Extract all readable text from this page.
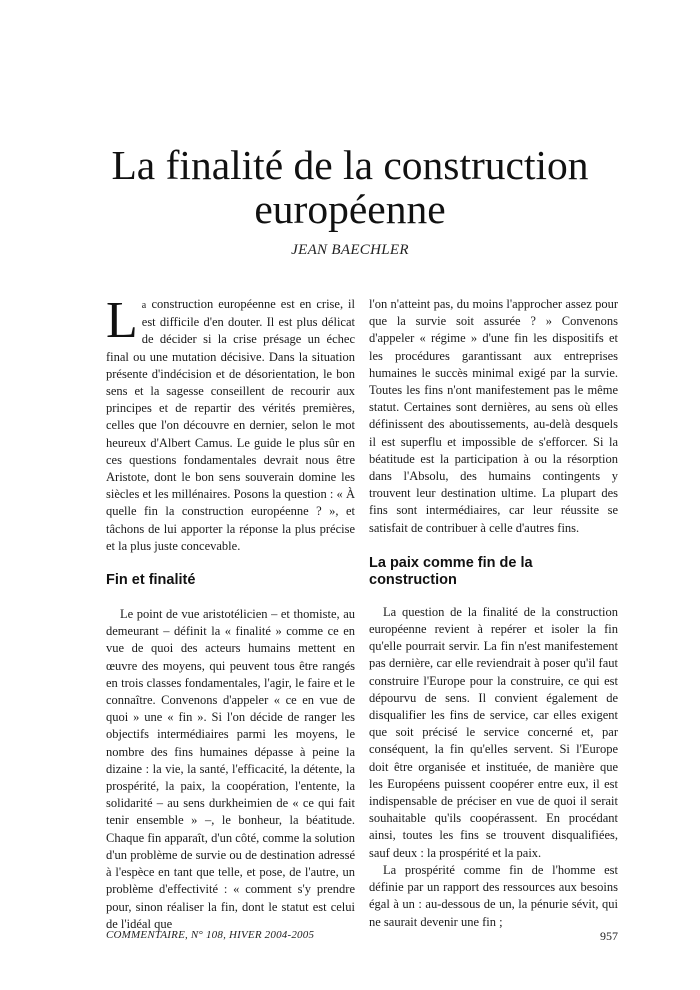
La finalité de la construction
européenne
JEAN BAECHLER

La construction européenne est en crise, il est difficile d'en douter. Il est plus délicat de décider si la crise présage un échec final ou une mutation décisive. Dans la situation présente d'indécision et de désorientation, le bon sens et la sagesse conseillent de recourir aux principes et de repartir des vérités premières, celles que l'on découvre en dernier, selon le mot heureux d'Albert Camus. Le guide le plus sûr en ces questions fondamentales devrait nous être Aristote, dont le bon sens souverain domine les siècles et les millénaires. Posons la question : « À quelle fin la construction européenne ? », et tâchons de lui apporter la réponse la plus précise et la plus juste concevable.

Fin et finalité

Le point de vue aristotélicien – et thomiste, au demeurant – définit la « finalité » comme ce en vue de quoi des acteurs humains mettent en œuvre des moyens, qui peuvent tous être rangés en trois classes fondamentales, l'agir, le faire et le connaître. Convenons d'appeler « ce en vue de quoi » une « fin ». Si l'on décide de ranger les objectifs intermédiaires parmi les moyens, le nombre des fins humaines dépasse à peine la dizaine : la vie, la santé, l'efficacité, la détente, la prospérité, la paix, la coopération, l'entente, la solidarité – au sens durkheimien de « ce qui fait tenir ensemble » –, le bonheur, la béatitude. Chaque fin apparaît, d'un côté, comme la solution d'un problème de survie ou de destination adressé à l'espèce en tant que telle, et pose, de l'autre, un problème d'effectivité : « comment s'y prendre pour, sinon réaliser la fin, dont le statut est celui de l'idéal que

l'on n'atteint pas, du moins l'approcher assez pour que la survie soit assurée ? » Convenons d'appeler « régime » d'une fin les dispositifs et les procédures garantissant aux entreprises humaines le succès minimal exigé par la survie. Toutes les fins n'ont manifestement pas le même statut. Certaines sont dernières, au sens où elles définissent des aboutissements, au-delà desquels il est superflu et impossible de s'efforcer. Si la béatitude est la participation à ou la résorption dans l'Absolu, des humains contingents y trouvent leur destination ultime. La plupart des fins sont intermédiaires, car leur réussite se satisfait de contribuer à celle d'autres fins.

La paix comme fin de la construction

La question de la finalité de la construction européenne revient à repérer et isoler la fin qu'elle pourrait servir. La fin n'est manifestement pas dernière, car elle reviendrait à poser qu'il faut construire l'Europe pour la construire, ce qui est dépourvu de sens. Il convient également de disqualifier les fins de service, car elles exigent que soit précisé le service concerné et, par conséquent, la fin qu'elles servent. Si l'Europe doit être organisée et instituée, de manière que les Européens puissent coopérer entre eux, il est indispensable de préciser en vue de quoi il serait souhaitable qu'ils coopérassent. En procédant ainsi, toutes les fins se trouvent disqualifiées, sauf deux : la prospérité et la paix.

La prospérité comme fin de l'homme est définie par un rapport des ressources aux besoins égal à un : au-dessous de un, la pénurie sévit, qui ne saurait devenir une fin ;

COMMENTAIRE, N° 108, HIVER 2004-2005	957
